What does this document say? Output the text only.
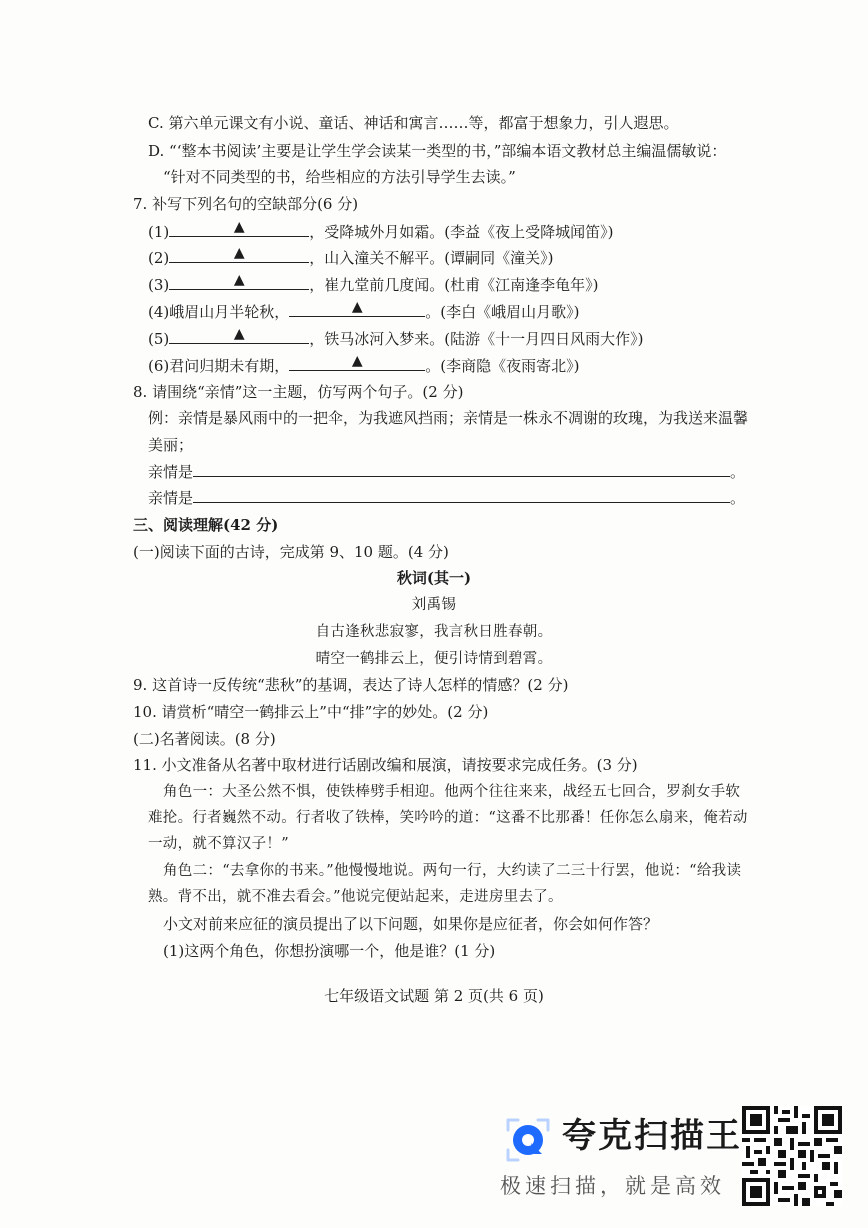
C. 第六单元课文有小说、童话、神话和寓言……等，都富于想象力，引人遐思。
D. “‘整本书阅读’主要是让学生学会读某一类型的书，”部编本语文教材总主编温儒敏说：
“针对不同类型的书，给些相应的方法引导学生去读。”
7. 补写下列名句的空缺部分(6 分)
(1)	▲	，受降城外月如霜。(李益《夜上受降城闻笛》)
(2)	▲	，山入潼关不解平。(谭嗣同《潼关》)
(3)	▲	，崔九堂前几度闻。(杜甫《江南逢李龟年》)
(4)峨眉山月半轮秋，	▲	。(李白《峨眉山月歌》)
(5)	▲	，铁马冰河入梦来。(陆游《十一月四日风雨大作》)
(6)君问归期未有期，	▲	。(李商隐《夜雨寄北》)
8. 请围绕“亲情”这一主题，仿写两个句子。(2 分)
例：亲情是暴风雨中的一把伞，为我遮风挡雨；亲情是一株永不凋谢的玫瑰，为我送来温馨
美丽；
亲情是	。
亲情是	。
三、阅读理解(42 分)
(一)阅读下面的古诗，完成第 9、10 题。(4 分)
秋词(其一)
刘禹锡
自古逢秋悲寂寥，我言秋日胜春朝。
晴空一鹤排云上，便引诗情到碧霄。
9. 这首诗一反传统“悲秋”的基调，表达了诗人怎样的情感？(2 分)
10. 请赏析“晴空一鹤排云上”中“排”字的妙处。(2 分)
(二)名著阅读。(8 分)
11. 小文准备从名著中取材进行话剧改编和展演，请按要求完成任务。(3 分)
角色一：大圣公然不惧，使铁棒劈手相迎。他两个往往来来，战经五七回合，罗刹女手软
难抡。行者巍然不动。行者收了铁棒，笑吟吟的道：“这番不比那番！任你怎么扇来，俺若动
一动，就不算汉子！”
角色二：“去拿你的书来。”他慢慢地说。两句一行，大约读了二三十行罢，他说：“给我读
熟。背不出，就不准去看会。”他说完便站起来，走进房里去了。
小文对前来应征的演员提出了以下问题，如果你是应征者，你会如何作答？
(1)这两个角色，你想扮演哪一个，他是谁？(1 分)
七年级语文试题 第 2 页(共 6 页)
夸克扫描王
极速扫描，就是高效
